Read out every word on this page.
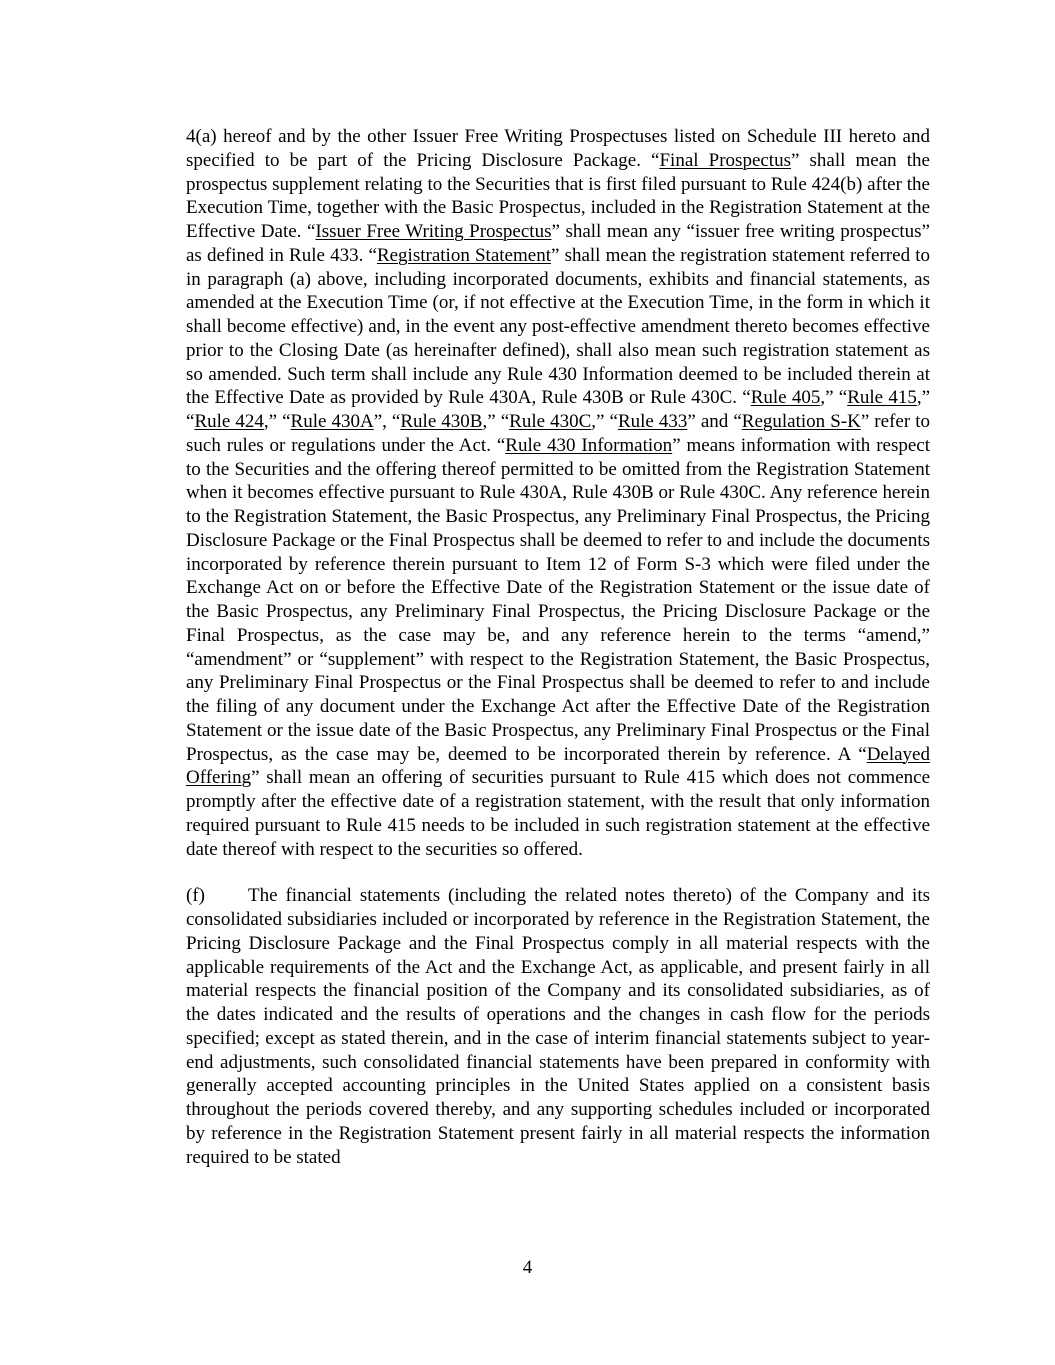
4(a) hereof and by the other Issuer Free Writing Prospectuses listed on Schedule III hereto and specified to be part of the Pricing Disclosure Package. “Final Prospectus” shall mean the prospectus supplement relating to the Securities that is first filed pursuant to Rule 424(b) after the Execution Time, together with the Basic Prospectus, included in the Registration Statement at the Effective Date. “Issuer Free Writing Prospectus” shall mean any “issuer free writing prospectus” as defined in Rule 433. “Registration Statement” shall mean the registration statement referred to in paragraph (a) above, including incorporated documents, exhibits and financial statements, as amended at the Execution Time (or, if not effective at the Execution Time, in the form in which it shall become effective) and, in the event any post-effective amendment thereto becomes effective prior to the Closing Date (as hereinafter defined), shall also mean such registration statement as so amended. Such term shall include any Rule 430 Information deemed to be included therein at the Effective Date as provided by Rule 430A, Rule 430B or Rule 430C. “Rule 405,” “Rule 415,” “Rule 424,” “Rule 430A”, “Rule 430B,” “Rule 430C,” “Rule 433” and “Regulation S-K” refer to such rules or regulations under the Act. “Rule 430 Information” means information with respect to the Securities and the offering thereof permitted to be omitted from the Registration Statement when it becomes effective pursuant to Rule 430A, Rule 430B or Rule 430C. Any reference herein to the Registration Statement, the Basic Prospectus, any Preliminary Final Prospectus, the Pricing Disclosure Package or the Final Prospectus shall be deemed to refer to and include the documents incorporated by reference therein pursuant to Item 12 of Form S-3 which were filed under the Exchange Act on or before the Effective Date of the Registration Statement or the issue date of the Basic Prospectus, any Preliminary Final Prospectus, the Pricing Disclosure Package or the Final Prospectus, as the case may be, and any reference herein to the terms “amend,” “amendment” or “supplement” with respect to the Registration Statement, the Basic Prospectus, any Preliminary Final Prospectus or the Final Prospectus shall be deemed to refer to and include the filing of any document under the Exchange Act after the Effective Date of the Registration Statement or the issue date of the Basic Prospectus, any Preliminary Final Prospectus or the Final Prospectus, as the case may be, deemed to be incorporated therein by reference. A “Delayed Offering” shall mean an offering of securities pursuant to Rule 415 which does not commence promptly after the effective date of a registration statement, with the result that only information required pursuant to Rule 415 needs to be included in such registration statement at the effective date thereof with respect to the securities so offered.

(f) The financial statements (including the related notes thereto) of the Company and its consolidated subsidiaries included or incorporated by reference in the Registration Statement, the Pricing Disclosure Package and the Final Prospectus comply in all material respects with the applicable requirements of the Act and the Exchange Act, as applicable, and present fairly in all material respects the financial position of the Company and its consolidated subsidiaries, as of the dates indicated and the results of operations and the changes in cash flow for the periods specified; except as stated therein, and in the case of interim financial statements subject to year-end adjustments, such consolidated financial statements have been prepared in conformity with generally accepted accounting principles in the United States applied on a consistent basis throughout the periods covered thereby, and any supporting schedules included or incorporated by reference in the Registration Statement present fairly in all material respects the information required to be stated

4
